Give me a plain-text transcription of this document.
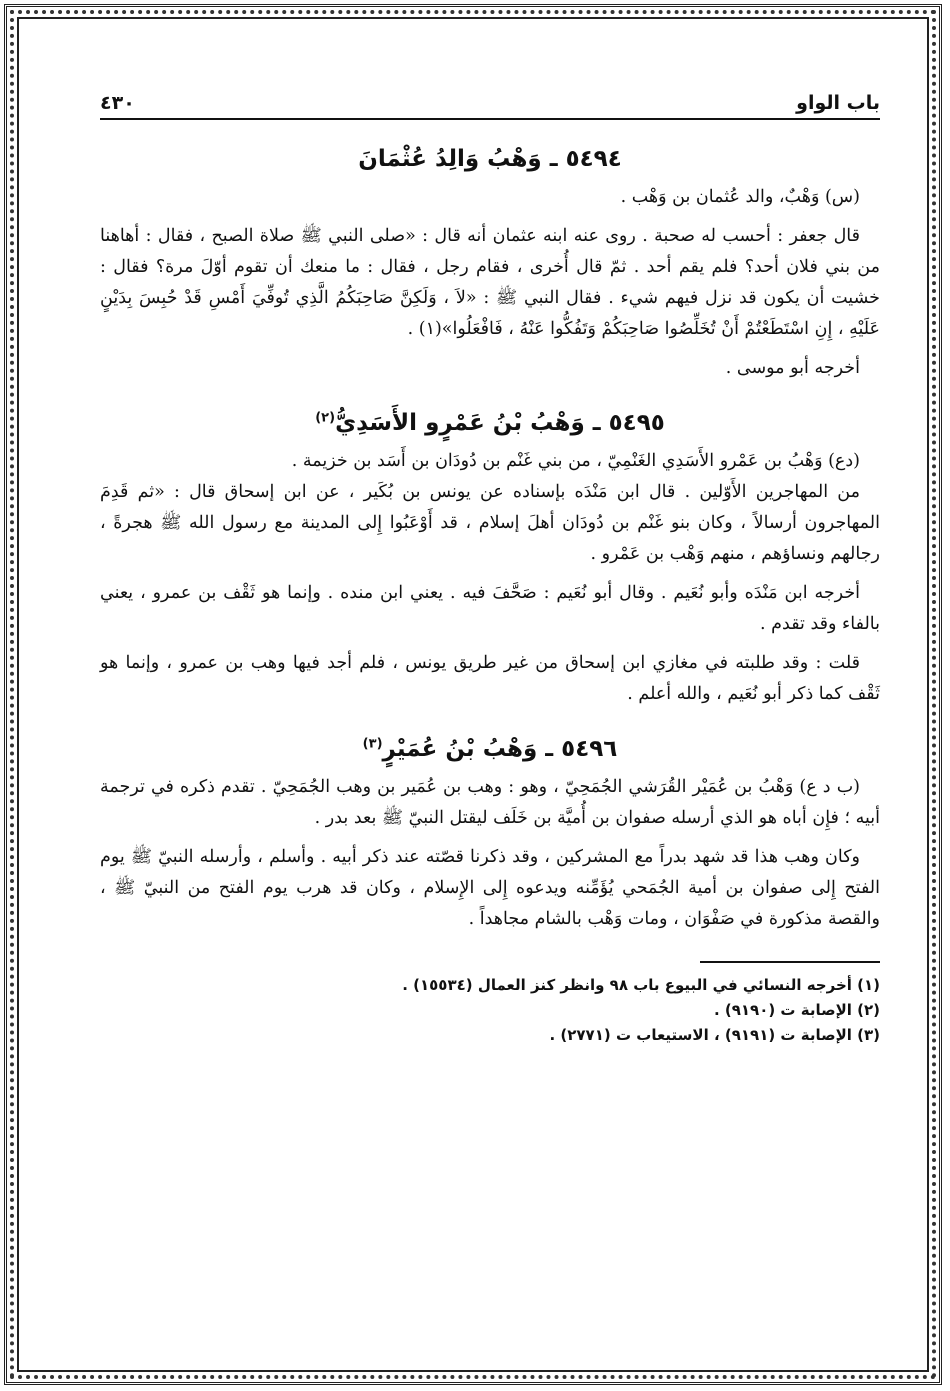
باب الواو
٤٣٠
٥٤٩٤ ـ وَهْبُ وَالِدُ عُثْمَانَ

(س) وَهْبٌ، والد عُثمان بن وَهْب .

قال جعفر : أحسب له صحبة . روى عنه ابنه عثمان أنه قال : «صلى النبي ﷺ صلاة الصبح ، فقال : أهاهنا من بني فلان أحد؟ فلم يقم أحد . ثمّ قال أُخرى ، فقام رجل ، فقال : ما منعك أن تقوم أوّلَ مرة؟ فقال : خشيت أن يكون قد نزل فيهم شيء . فقال النبي ﷺ : «لاَ ، وَلَكِنَّ صَاحِبَكُمُ الَّذِي تُوفِّيَ أَمْسِ قَدْ حُبِسَ بِدَيْنٍ عَلَيْهِ ، إِنِ اسْتَطَعْتُمْ أَنْ تُخَلِّصُوا صَاحِبَكُمْ وَتَفُكُّوا عَنْهُ ، فَافْعَلُوا»(١) .

أخرجه أبو موسى .

٥٤٩٥ ـ وَهْبُ بْنُ عَمْرٍو الأَسَدِيُّ$^{(٢)}$

(دع) وَهْبُ بن عَمْرو الأَسَدِي الغَنْمِيّ ، من بني غَنْم بن دُودَان بن أَسَد بن خزيمة .

من المهاجرين الأَوّلين . قال ابن مَنْدَه بإسناده عن يونس بن بُكَير ، عن ابن إسحاق قال : «ثم قَدِمَ المهاجرون أرسالاً ، وكان بنو غَنْم بن دُودَان أهلَ إسلام ، قد أَوْعَبُوا إِلى المدينة مع رسول الله ﷺ هجرةً ، رجالهم ونساؤهم ، منهم وَهْب بن عَمْرو .

أخرجه ابن مَنْدَه وأبو نُعَيم . وقال أبو نُعَيم : صَحَّفَ فيه . يعني ابن منده . وإنما هو ثَقْف بن عمرو ، يعني بالفاء وقد تقدم .

قلت : وقد طلبته في مغازي ابن إسحاق من غير طريق يونس ، فلم أجد فيها وهب بن عمرو ، وإنما هو ثَقْف كما ذكر أبو نُعَيم ، والله أعلم .

٥٤٩٦ ـ وَهْبُ بْنُ عُمَيْرٍ$^{(٣)}$

(ب د ع) وَهْبُ بن عُمَيْر القُرَشي الجُمَحِيّ ، وهو : وهب بن عُمَير بن وهب الجُمَحِيّ . تقدم ذكره في ترجمة أبيه ؛ فإِن أباه هو الذي أرسله صفوان بن أُميَّة بن خَلَف ليقتل النبيّ ﷺ بعد بدر .

وكان وهب هذا قد شهد بدراً مع المشركين ، وقد ذكرنا قصّته عند ذكر أبيه . وأسلم ، وأرسله النبيّ ﷺ يوم الفتح إِلى صفوان بن أمية الجُمَحي يُؤَمِّنه ويدعوه إِلى الإِسلام ، وكان قد هرب يوم الفتح من النبيّ ﷺ ، والقصة مذكورة في صَفْوَان ، ومات وَهْب بالشام مجاهداً .

(١) أخرجه النسائي في البيوع باب ٩٨ وانظر كنز العمال (١٥٥٣٤) .
(٢) الإصابة ت (٩١٩٠) .
(٣) الإصابة ت (٩١٩١) ، الاستيعاب ت (٢٧٧١) .
